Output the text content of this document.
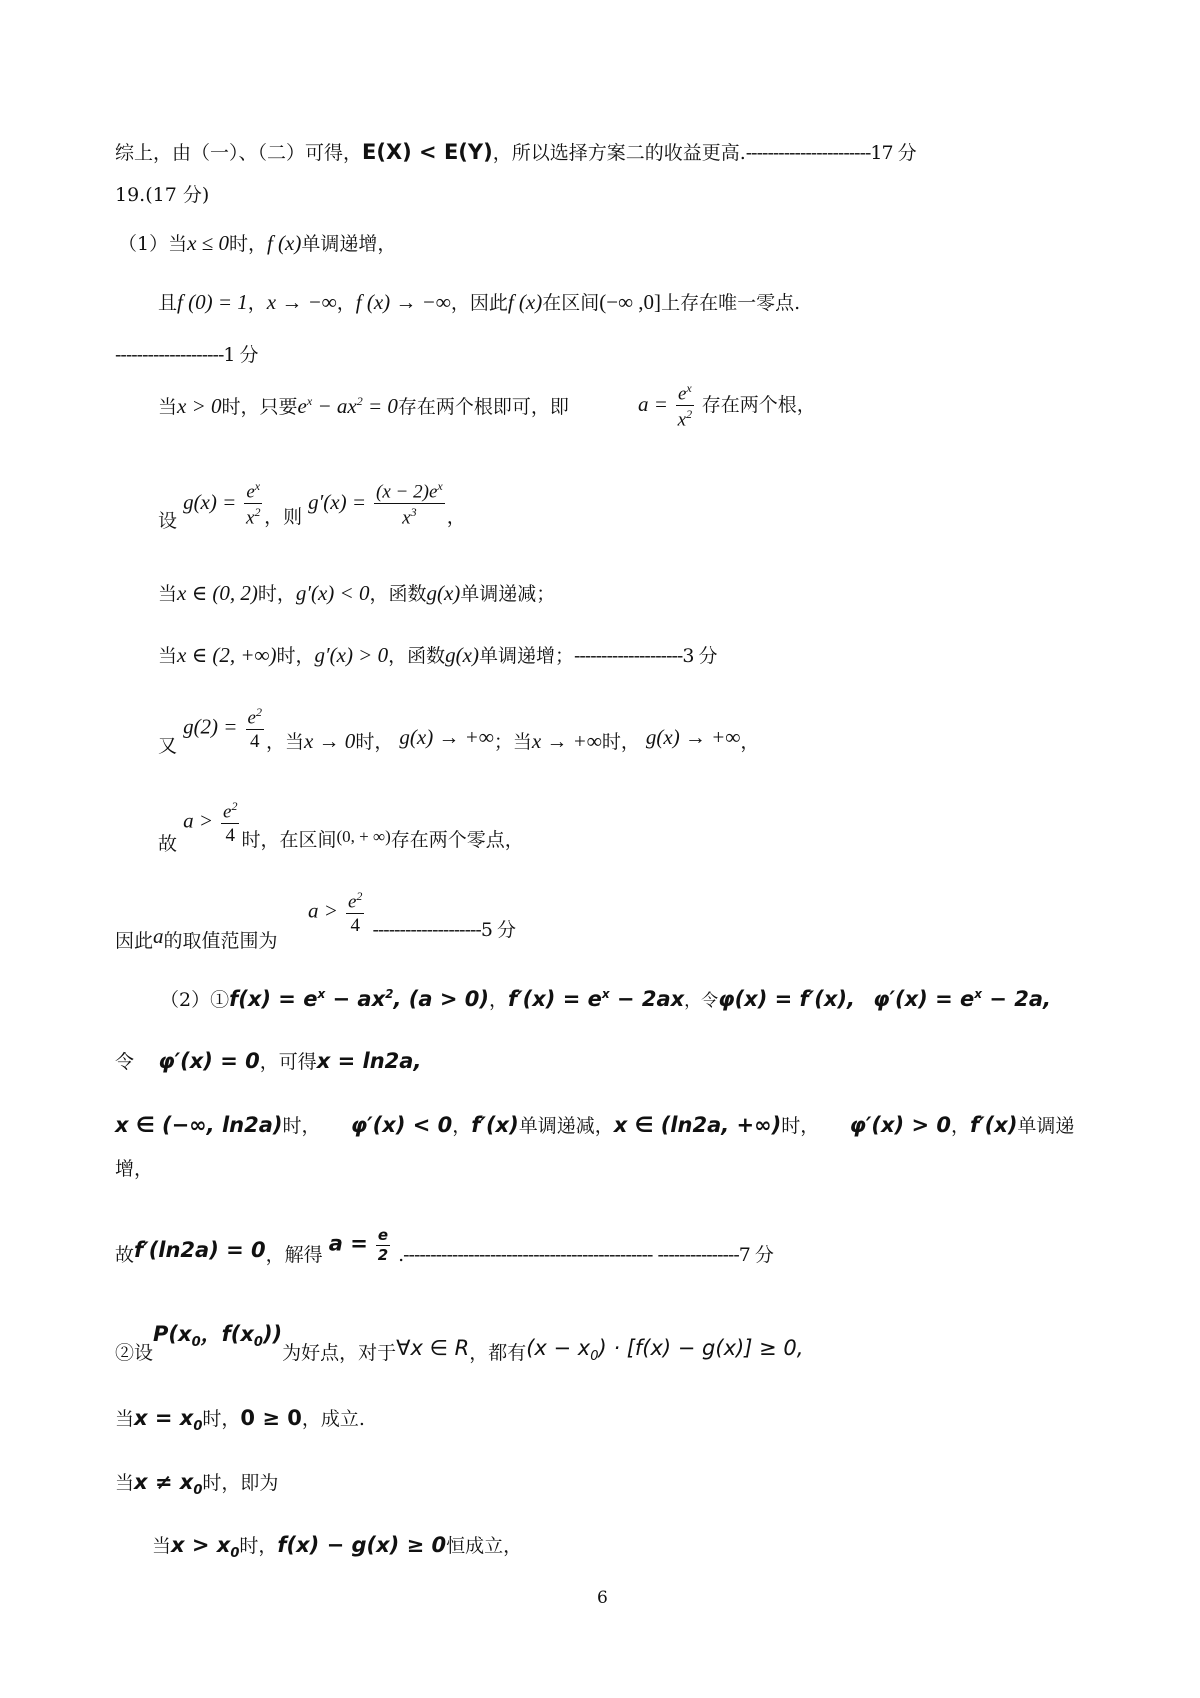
综上，由（一）、（二）可得，E(X) < E(Y)，所以选择方案二的收益更高.-----------------------17 分
19.(17 分)
（1）当x ≤ 0时，f (x)单调递增，
且f (0) = 1，x → −∞，f (x) → −∞，因此f (x)在区间(−∞ ,0]上存在唯一零点.
--------------------1 分
当x > 0时，只要$e^x - ax^2 = 0$存在两个根即可，即	$a = \frac{e^x}{x^2}$ 存在两个根，
设 $g(x) = \frac{e^x}{x^2}$ ，则 $g'(x) = \frac{(x - 2)e^x}{x^3}$ ，
当x ∈ (0, 2)时，g′(x) < 0，函数g(x)单调递减；
当x ∈ (2, +∞)时，g′(x) > 0，函数g(x)单调递增；--------------------3 分
又 $g(2) = \frac{e^2}{4}$ ，当x → 0时， g(x) → +∞；当x → +∞时， g(x) → +∞，
故 $a > \frac{e^2}{4}$ 时，在区间(0, + ∞)存在两个零点，
因此a的取值范围为
$a > \frac{e^2}{4} --------------------5$ 分
（2）①f(x) = $e^x - ax^2$, (a > 0)，$f'(x) = e^x - 2ax$，令φ(x) = f′(x), $\varphi'(x) = e^x - 2a$,
令 φ′(x) = 0，可得x = ln2a,
x ∈ (−∞, ln2a)时， φ′(x) < 0，f′(x)单调递减，x ∈ (ln2a, +∞)时， φ′(x) > 0，f′(x)单调递
增，
故f′(ln2a) = 0，解得 $a = \frac{e}{2}$ .---------------------------------------------- ---------------7 分
②设$P(x_0$，$f(x_0)$)为好点，对于∀x ∈ R，都有$(x - x_0) \cdot [f(x) - g(x)] \ge 0$,
当$x = x_0$时，0 ≥ 0，成立.
当$x \ne x_0$时，即为
当$x > x_0$时，f(x) − g(x) ≥ 0恒成立，
6
